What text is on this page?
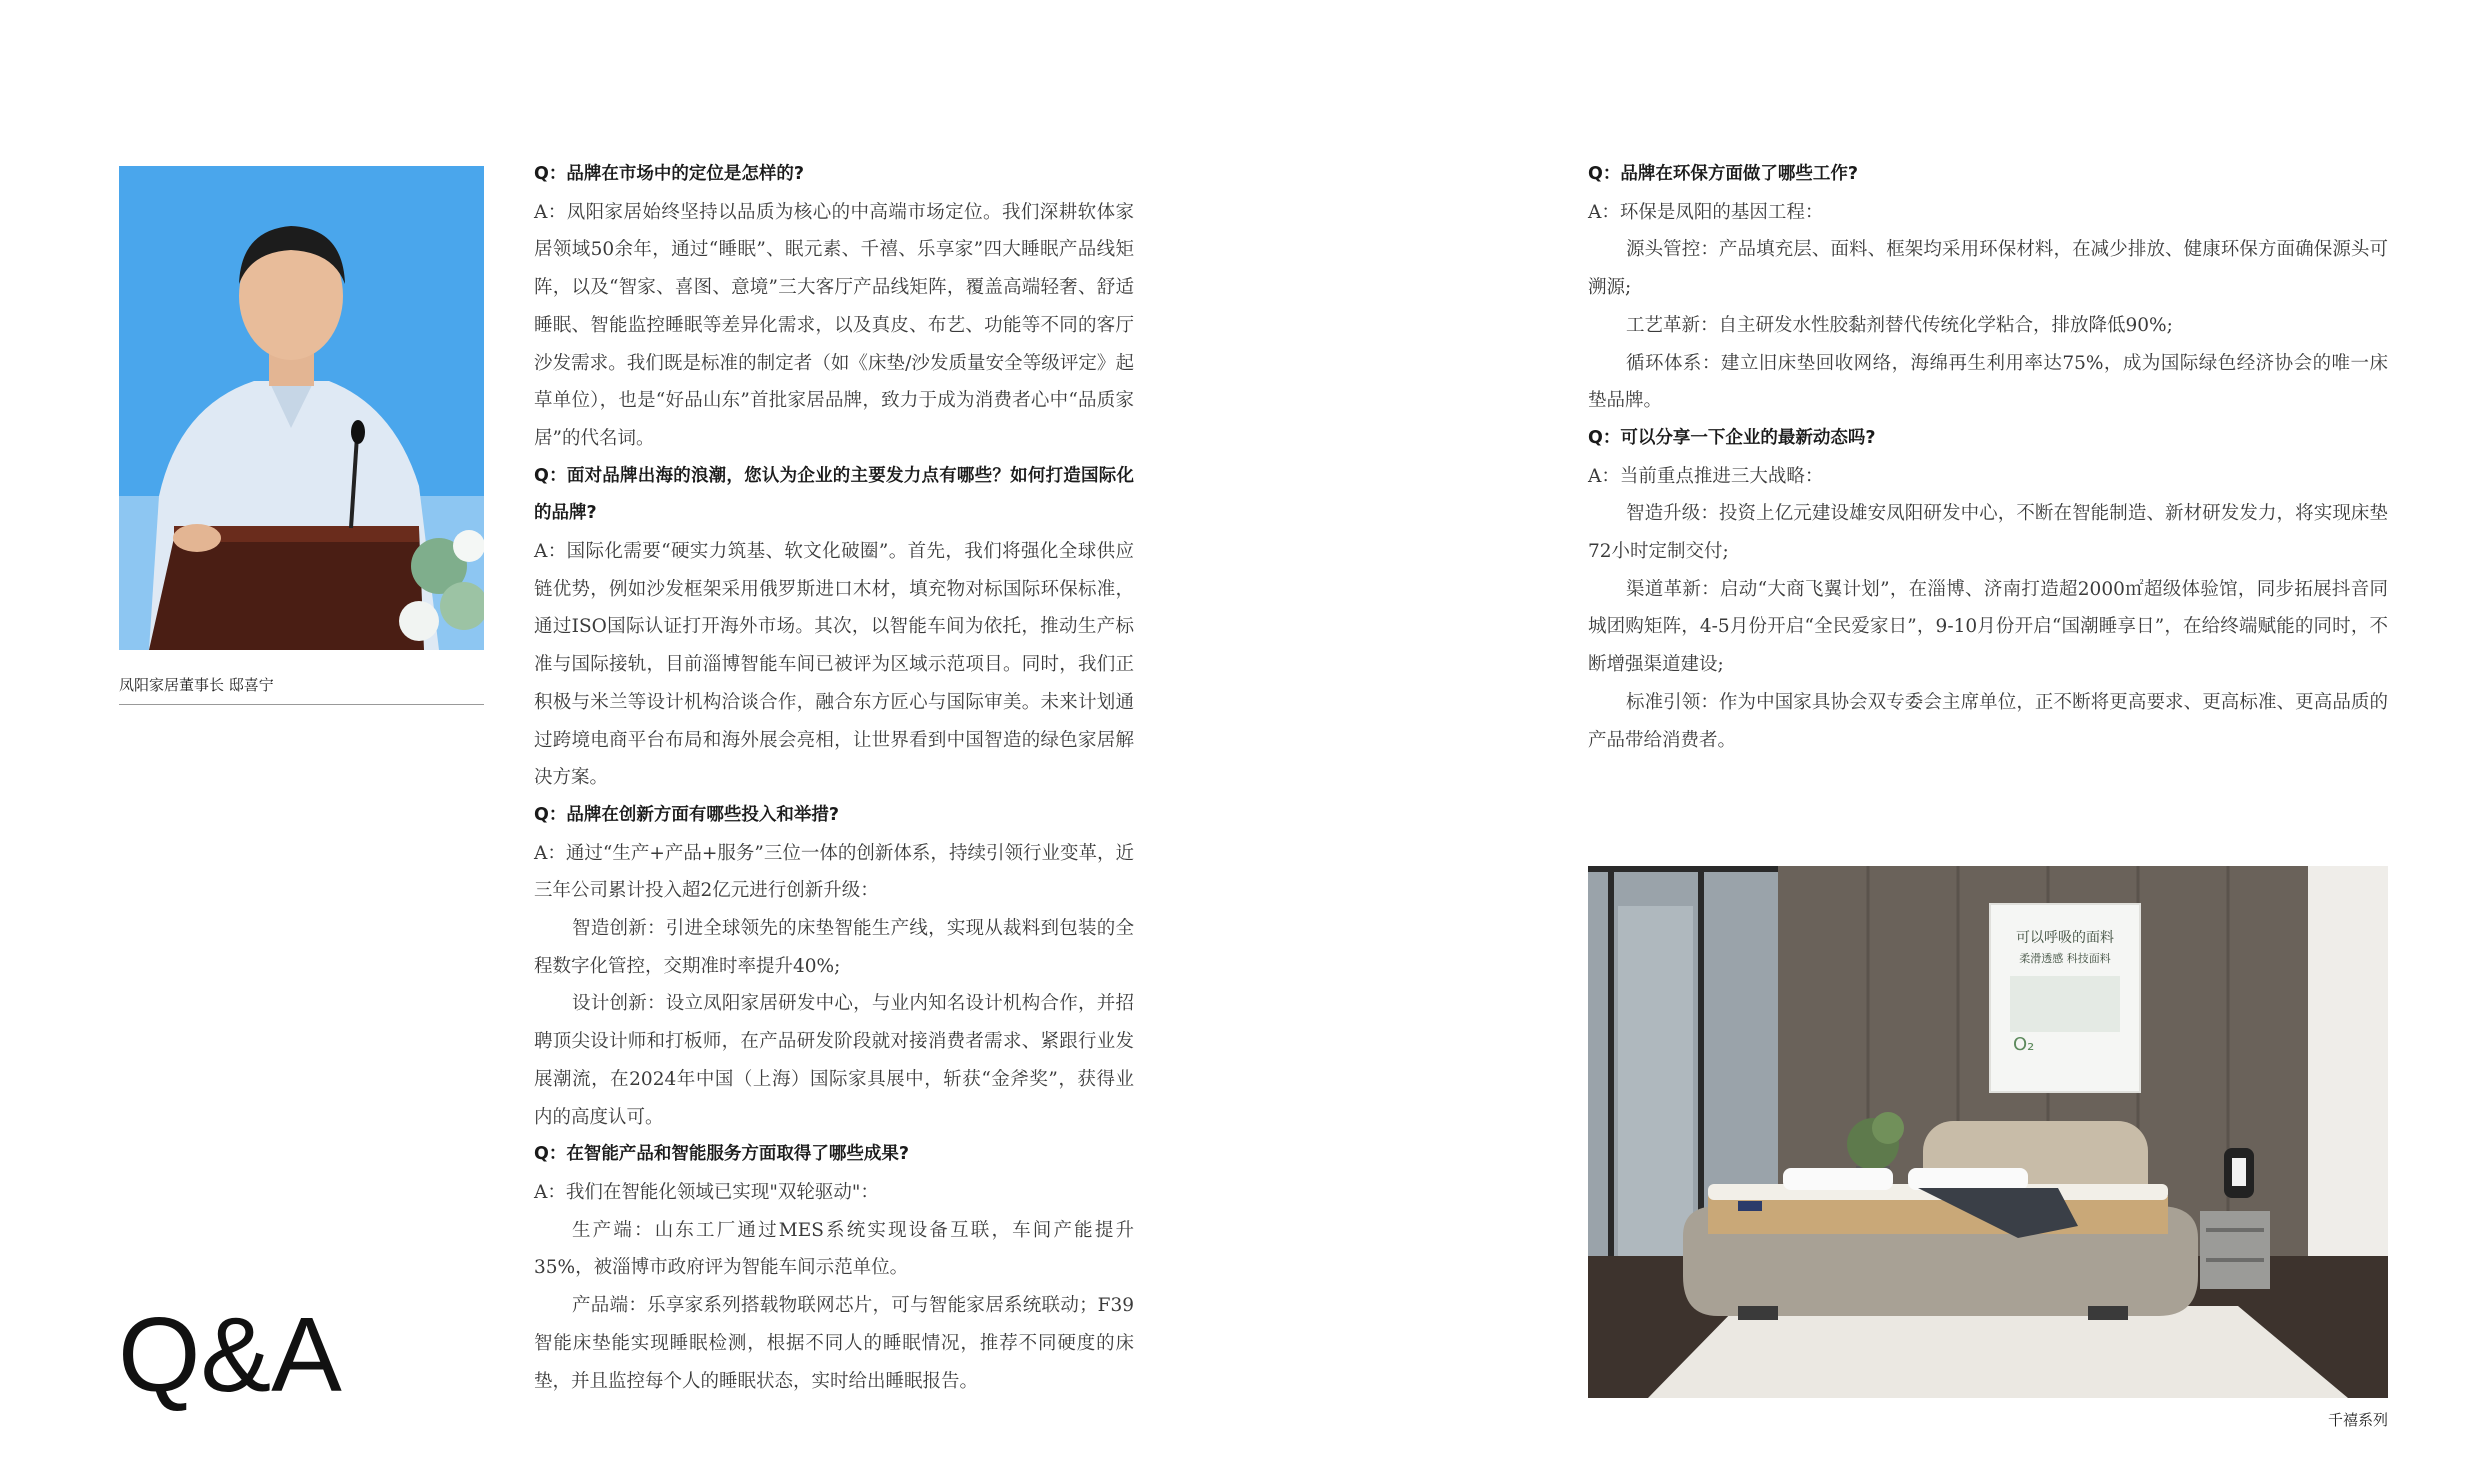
凤阳家居董事长 邸喜宁
Q&A

Q：品牌在市场中的定位是怎样的?

A：凤阳家居始终坚持以品质为核心的中高端市场定位。我们深耕软体家居领域50余年，通过“睡眠”、眠元素、千禧、乐享家”四大睡眠产品线矩阵，以及“智家、喜图、意境”三大客厅产品线矩阵，覆盖高端轻奢、舒适睡眠、智能监控睡眠等差异化需求，以及真皮、布艺、功能等不同的客厅沙发需求。我们既是标准的制定者（如《床垫/沙发质量安全等级评定》起草单位），也是“好品山东”首批家居品牌，致力于成为消费者心中“品质家居”的代名词。

Q：面对品牌出海的浪潮，您认为企业的主要发力点有哪些？如何打造国际化的品牌?

A：国际化需要“硬实力筑基、软文化破圈”。首先，我们将强化全球供应链优势，例如沙发框架采用俄罗斯进口木材，填充物对标国际环保标准，通过ISO国际认证打开海外市场。其次，以智能车间为依托，推动生产标准与国际接轨，目前淄博智能车间已被评为区域示范项目。同时，我们正积极与米兰等设计机构洽谈合作，融合东方匠心与国际审美。未来计划通过跨境电商平台布局和海外展会亮相，让世界看到中国智造的绿色家居解决方案。

Q：品牌在创新方面有哪些投入和举措?

A：通过“生产+产品+服务”三位一体的创新体系，持续引领行业变革，近三年公司累计投入超2亿元进行创新升级：

智造创新：引进全球领先的床垫智能生产线，实现从裁料到包装的全程数字化管控，交期准时率提升40%;

设计创新：设立凤阳家居研发中心，与业内知名设计机构合作，并招聘顶尖设计师和打板师，在产品研发阶段就对接消费者需求、紧跟行业发展潮流，在2024年中国（上海）国际家具展中，斩获“金斧奖”，获得业内的高度认可。

Q：在智能产品和智能服务方面取得了哪些成果?

A：我们在智能化领域已实现"双轮驱动"：

生产端：山东工厂通过MES系统实现设备互联，车间产能提升35%，被淄博市政府评为智能车间示范单位。

产品端：乐享家系列搭载物联网芯片，可与智能家居系统联动；F39智能床垫能实现睡眠检测，根据不同人的睡眠情况，推荐不同硬度的床垫，并且监控每个人的睡眠状态，实时给出睡眠报告。

Q：品牌在环保方面做了哪些工作?

A：环保是凤阳的基因工程：

源头管控：产品填充层、面料、框架均采用环保材料，在减少排放、健康环保方面确保源头可溯源;

工艺革新：自主研发水性胶黏剂替代传统化学粘合，排放降低90%;

循环体系：建立旧床垫回收网络，海绵再生利用率达75%，成为国际绿色经济协会的唯一床垫品牌。

Q：可以分享一下企业的最新动态吗?

A：当前重点推进三大战略：

智造升级：投资上亿元建设雄安凤阳研发中心，不断在智能制造、新材研发发力，将实现床垫72小时定制交付;

渠道革新：启动“大商飞翼计划”，在淄博、济南打造超2000㎡超级体验馆，同步拓展抖音同城团购矩阵，4-5月份开启“全民爱家日”，9-10月份开启“国潮睡享日”，在给终端赋能的同时，不断增强渠道建设;

标准引领：作为中国家具协会双专委会主席单位，正不断将更高要求、更高标准、更高品质的产品带给消费者。

可以呼吸的面料
柔滑透感 科技面料
O₂
千禧系列
